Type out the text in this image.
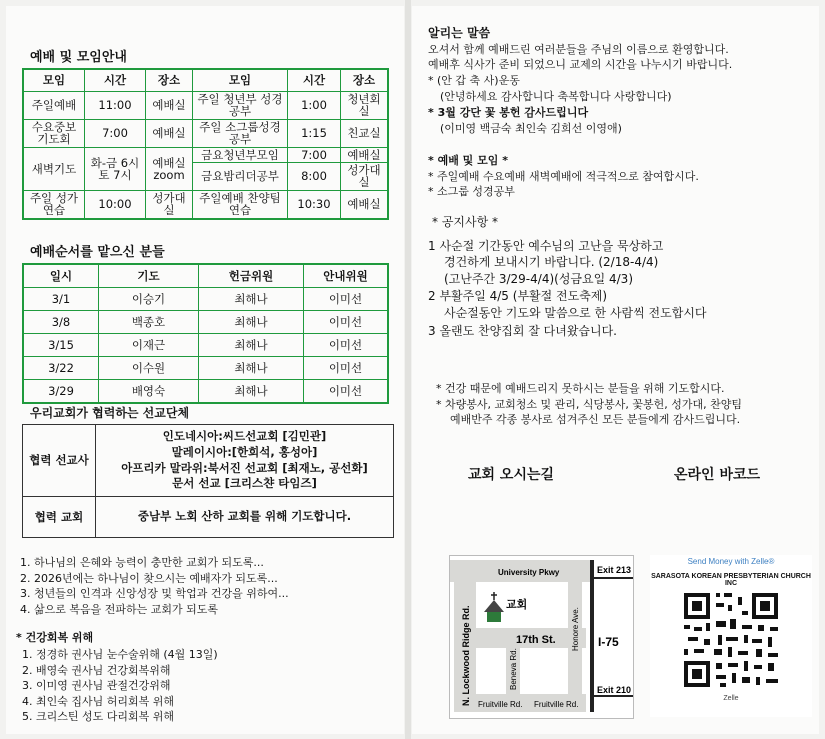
예배 및 모임안내
모임	시간	장소	모임	시간	장소
주일예배	11:00	예배실	주일 청년부 성경공부	1:00	청년회실
수요중보 기도회	7:00	예배실	주일 소그룹성경공부	1:15	친교실
새벽기도	화-금 6시 토 7시	예배실 zoom	금요청년부모임	7:00	예배실
			금요밤리더공부	8:00	성가대실
주일 성가연습	10:00	성가대실	주일예배 찬양팀연습	10:30	예배실
예배순서를 맡으신 분들
일시	기도	헌금위원	안내위원
3/1	이승기	최해나	이미선
3/8	백종호	최해나	이미선
3/15	이재근	최해나	이미선
3/22	이수원	최해나	이미선
3/29	배영숙	최해나	이미선
우리교회가 협력하는 선교단체
협력 선교사	인도네시아:씨드선교회 [김민관]
말레이시아:[한희석, 홍성아]
아프리카 말라위:북서진 선교회 [최재노, 공선화]
문서 선교 [크리스챤 타임즈]

협력 교회	중남부 노회 산하 교회를 위해 기도합니다.
1. 하나님의 은혜와 능력이 충만한 교회가 되도록...
2. 2026년에는 하나님이 찾으시는 예배자가 되도록...
3. 청년들의 인격과 신앙성장 및 학업과 건강을 위하여...
4. 삶으로 복음을 전파하는 교회가 되도록
* 건강회복 위해
1. 정경하 권사님 눈수술위해 (4월 13일)
2. 배영숙 권사님 건강회복위해
3. 이미영 권사님 관절건강위해
4. 최인숙 집사님 허리회복 위해
5. 크리스틴 성도 다리회복 위해
알리는 말씀
오셔서 함께 예배드린 여러분들을 주님의 이름으로 환영합니다.
예배후 식사가 준비 되었으니 교제의 시간을 나누시기 바랍니다.
* (안 갑 축 사)운동
(안녕하세요 감사합니다 축복합니다 사랑합니다)
* 3월 강단 꽃 봉헌 감사드립니다
(이미영 백금숙 최인숙 김희선 이영애)
* 예배 및 모임 *
* 주일예배 수요예배 새벽예배에 적극적으로 참여합시다.
* 소그룹 성경공부
* 공지사항 *
1 사순절 기간동안 예수님의 고난을 묵상하고
경건하게 보내시기 바랍니다. (2/18-4/4)
(고난주간 3/29-4/4)(성금요일 4/3)
2 부활주일 4/5 (부활절 전도축제)
사순절동안 기도와 말씀으로 한 사람씩 전도합시다
3 올랜도 찬양집회 잘 다녀왔습니다.
* 건강 때문에 예배드리지 못하시는 분들을 위해 기도합시다.
* 차량봉사, 교회청소 및 관리, 식당봉사, 꽃봉헌, 성가대, 찬양팀
예배반주 각종 봉사로 섬겨주신 모든 분들에게 감사드립니다.
교회 오시는길	온라인 바코드
University Pkwy	Exit 213
N. Lockwood Ridge Rd.
교회
17th St. Honore Ave. I-75
Beneva Rd.	Exit 210
Fruitville Rd. Fruitville Rd.
Send Money with Zelle®
SARASOTA KOREAN PRESBYTERIAN CHURCH INC
Zelle
